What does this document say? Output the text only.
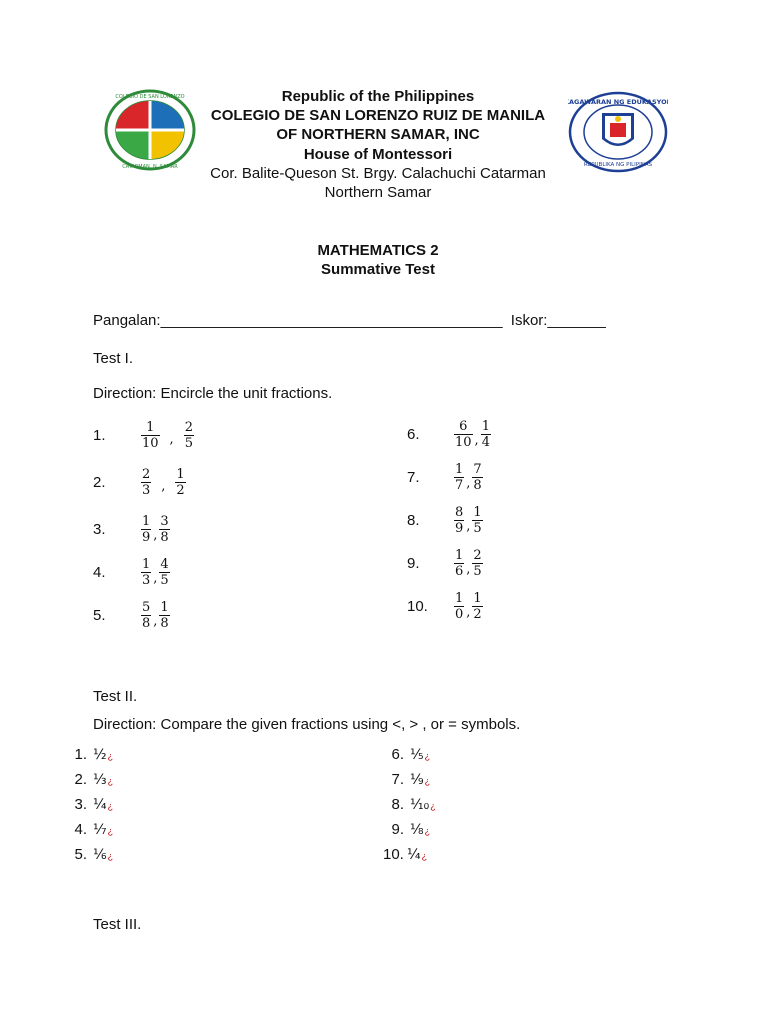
COLEGIO DE SAN LORENZO
CATARMAN, N. SAMAR
KAGAWARAN NG EDUKASYON
REPUBLIKA NG PILIPINAS
Republic of the Philippines
COLEGIO DE SAN LORENZO RUIZ DE MANILA
OF NORTHERN SAMAR, INC
House of Montessori
Cor. Balite-Queson St. Brgy. Calachuchi Catarman
Northern Samar
MATHEMATICS 2
Summative Test
Pangalan:_________________________________________ Iskor:_______
Test I.
Direction: Encircle the unit fractions.
1.	$\frac{1}{10}$ , $\frac{2}{5}$
2.	$\frac{2}{3}$ , $\frac{1}{2}$
3.	$\frac{1}{9}$ , $\frac{3}{8}$
4.	$\frac{1}{3}$ , $\frac{4}{5}$
5.	$\frac{5}{8}$ , $\frac{1}{8}$
6.	$\frac{6}{10}$ , $\frac{1}{4}$
7.	$\frac{1}{7}$ , $\frac{7}{8}$
8.	$\frac{8}{9}$ , $\frac{1}{5}$
9.	$\frac{1}{6}$ , $\frac{2}{5}$
10.	$\frac{1}{0}$ , $\frac{1}{2}$
Test II.
Direction: Compare the given fractions using <, > , or = symbols.
1. ½ ¿
2. ⅓ ¿
3. ¼ ¿
4. ⅐ ¿
5. ⅙ ¿
6. ⅕ ¿
7. ⅑ ¿
8. ⅒ ¿
9. ⅛ ¿
10. ¼ ¿
Test III.
